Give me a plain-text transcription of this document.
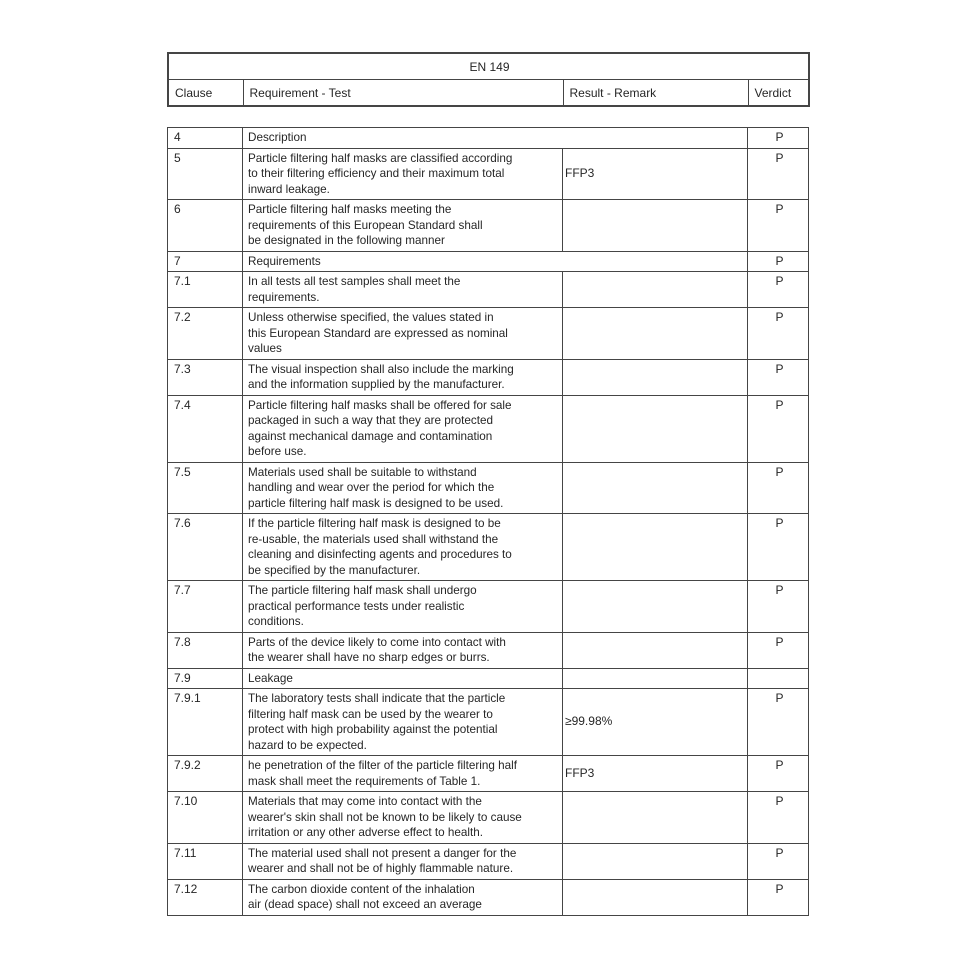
EN 149
Clause	Requirement - Test	Result - Remark	Verdict
4	Description		P
5	Particle filtering half masks are classified according
to their filtering efficiency and their maximum total
inward leakage.	FFP3	P
6	Particle filtering half masks meeting the
requirements of this European Standard shall
be designated in the following manner		P
7	Requirements		P
7.1	In all tests all test samples shall meet the
requirements.		P
7.2	Unless otherwise specified, the values stated in
this European Standard are expressed as nominal
values		P
7.3	The visual inspection shall also include the marking
and the information supplied by the manufacturer.		P
7.4	Particle filtering half masks shall be offered for sale
packaged in such a way that they are protected
against mechanical damage and contamination
before use.		P
7.5	Materials used shall be suitable to withstand
handling and wear over the period for which the
particle filtering half mask is designed to be used.		P
7.6	If the particle filtering half mask is designed to be
re-usable, the materials used shall withstand the
cleaning and disinfecting agents and procedures to
be specified by the manufacturer.		P
7.7	The particle filtering half mask shall undergo
practical performance tests under realistic
conditions.		P
7.8	Parts of the device likely to come into contact with
the wearer shall have no sharp edges or burrs.		P
7.9	Leakage		
7.9.1	The laboratory tests shall indicate that the particle
filtering half mask can be used by the wearer to
protect with high probability against the potential
hazard to be expected.	≥99.98%	P
7.9.2	he penetration of the filter of the particle filtering half
mask shall meet the requirements of Table 1.	FFP3	P
7.10	Materials that may come into contact with the
wearer's skin shall not be known to be likely to cause
irritation or any other adverse effect to health.		P
7.11	The material used shall not present a danger for the
wearer and shall not be of highly flammable nature.		P
7.12	The carbon dioxide content of the inhalation
air (dead space) shall not exceed an average		P
